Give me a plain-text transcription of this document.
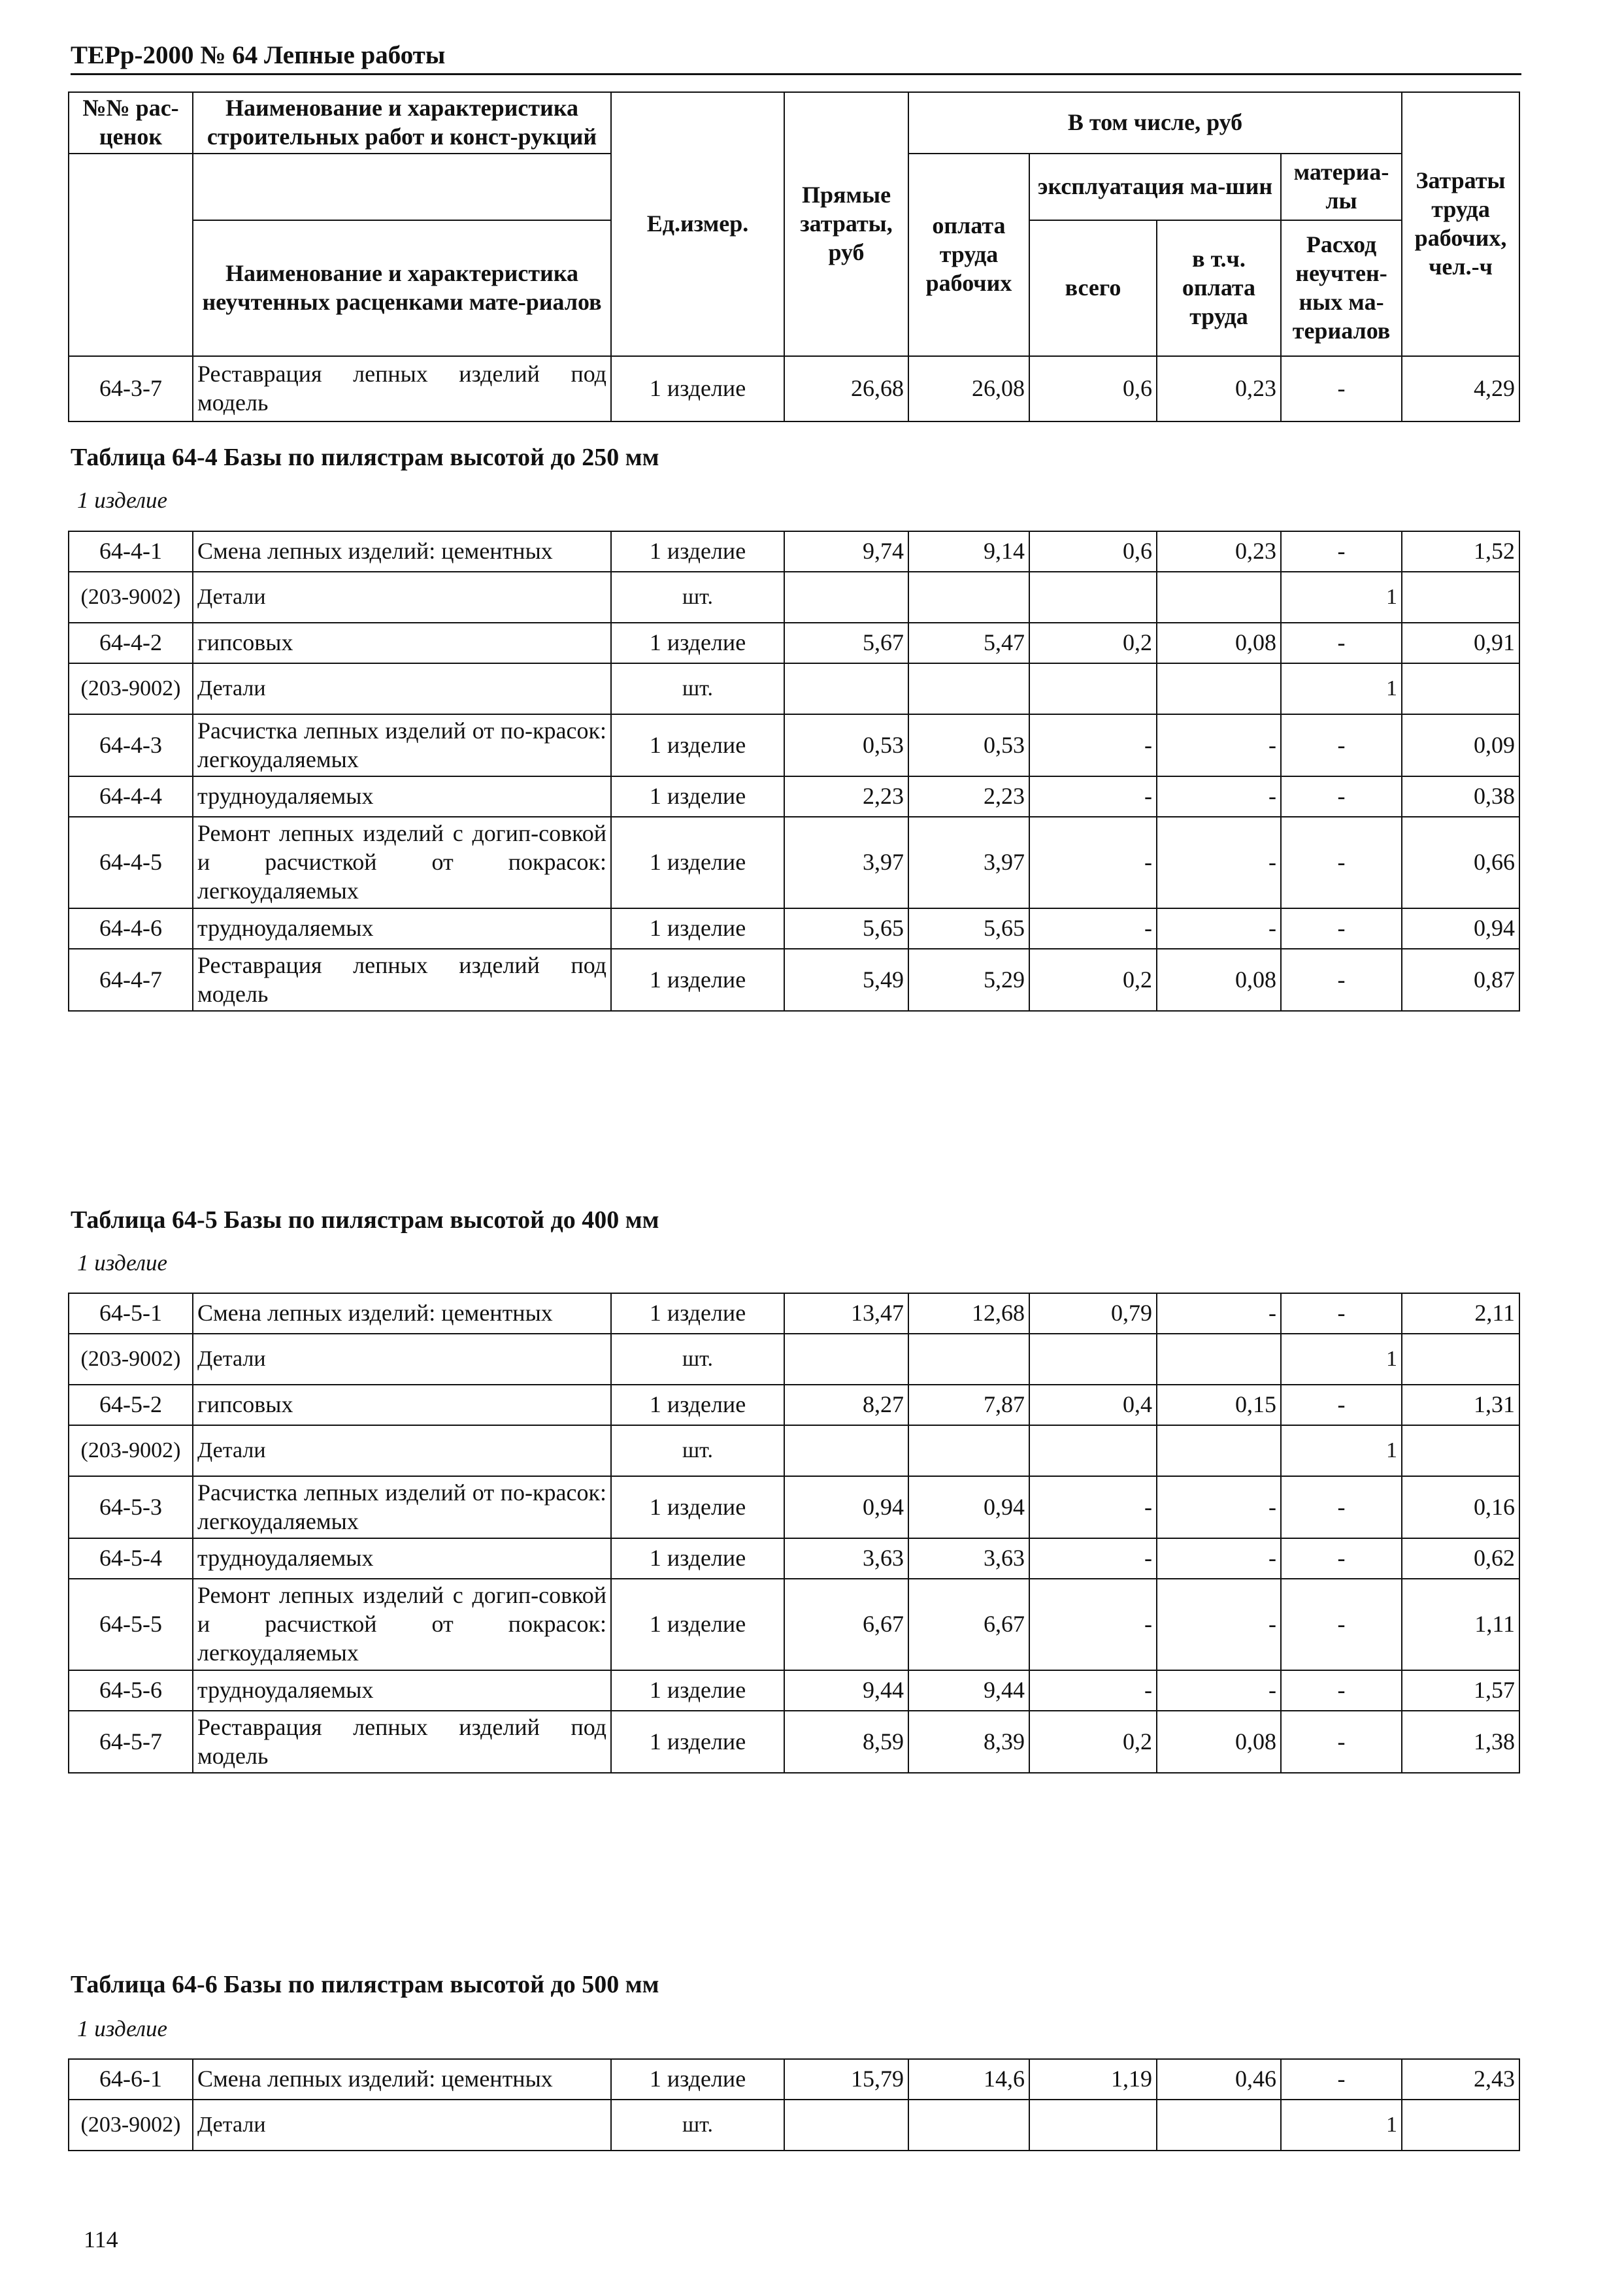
ТЕРр-2000 № 64 Лепные работы
№№ рас-ценок	Наименование и характеристика строительных работ и конст-рукций	Ед.измер.	Прямые затраты, руб	В том числе, руб				Затраты труда рабочих, чел.-ч
				оплата труда рабочих	эксплуатация ма-шин		материа-лы	
	Наименование и характеристика неучтенных расценками мате-риалов				всего	в т.ч. оплата труда	Расход неучтен-ных ма-териалов	

64-3-7	Реставрация лепных изделий под модель	1 изделие	26,68	26,08	0,6	0,23	-	4,29
Таблица 64-4 Базы по пилястрам высотой до 250 мм
1 изделие
64-4-1	Смена лепных изделий: цементных	1 изделие	9,74	9,14	0,6	0,23	-	1,52
(203-9002)	Детали	шт.					1	
64-4-2	гипсовых	1 изделие	5,67	5,47	0,2	0,08	-	0,91
(203-9002)	Детали	шт.					1	
64-4-3	Расчистка лепных изделий от по-красок: легкоудаляемых	1 изделие	0,53	0,53	-	-	-	0,09
64-4-4	трудноудаляемых	1 изделие	2,23	2,23	-	-	-	0,38
64-4-5	Ремонт лепных изделий с догип-совкой и расчисткой от покрасок: легкоудаляемых	1 изделие	3,97	3,97	-	-	-	0,66
64-4-6	трудноудаляемых	1 изделие	5,65	5,65	-	-	-	0,94
64-4-7	Реставрация лепных изделий под модель	1 изделие	5,49	5,29	0,2	0,08	-	0,87
Таблица 64-5 Базы по пилястрам высотой до 400 мм
1 изделие
64-5-1	Смена лепных изделий: цементных	1 изделие	13,47	12,68	0,79	-	-	2,11
(203-9002)	Детали	шт.					1	
64-5-2	гипсовых	1 изделие	8,27	7,87	0,4	0,15	-	1,31
(203-9002)	Детали	шт.					1	
64-5-3	Расчистка лепных изделий от по-красок: легкоудаляемых	1 изделие	0,94	0,94	-	-	-	0,16
64-5-4	трудноудаляемых	1 изделие	3,63	3,63	-	-	-	0,62
64-5-5	Ремонт лепных изделий с догип-совкой и расчисткой от покрасок: легкоудаляемых	1 изделие	6,67	6,67	-	-	-	1,11
64-5-6	трудноудаляемых	1 изделие	9,44	9,44	-	-	-	1,57
64-5-7	Реставрация лепных изделий под модель	1 изделие	8,59	8,39	0,2	0,08	-	1,38
Таблица 64-6 Базы по пилястрам высотой до 500 мм
1 изделие
64-6-1	Смена лепных изделий: цементных	1 изделие	15,79	14,6	1,19	0,46	-	2,43
(203-9002)	Детали	шт.					1	
114
